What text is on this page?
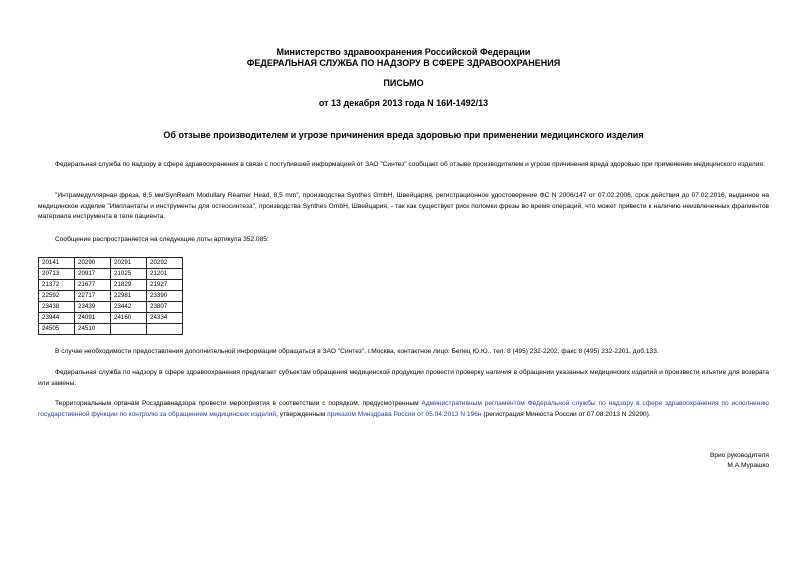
Министерство здравоохранения Российской Федерации
ФЕДЕРАЛЬНАЯ СЛУЖБА ПО НАДЗОРУ В СФЕРЕ ЗДРАВООХРАНЕНИЯ
ПИСЬМО
от 13 декабря 2013 года N 16И-1492/13
Об отзыве производителем и угрозе причинения вреда здоровью при применении медицинского изделия
Федеральная служба по надзору в сфере здравоохранения в связи с поступившей информацией от ЗАО "Синтез" сообщает об отзыве производителем и угрозе причинения вреда здоровью при применении медицинского изделия:
"Интрамедуллярная фреза, 8,5 мм/SynReam Modullary Reamer Head, 8,5 mm", производства Synthes GmbH, Швейцария, регистрационное удостоверение ФС N 2006/147 от 07.02.2006, срок действия до 07.02.2016, выданное на медицинское изделие "Имплантаты и инструменты для остеосинтеза", производства Synthes GmbH, Швейцария, - так как существует риск поломки фрезы во время операций, что может привести к наличию неизвлеченных фрагментов материала инструмента в теле пациента.
Сообщение распространяется на следующие лоты артикула 352.085:
20141	20290	20291	20292
20713	20917	21025	21201
21372	21677	21829	21927
22592	22717	22981	23390
23438	23439	23442	23807
23944	24091	24160	24334
24505	24510		
В случае необходимости предоставления дополнительной информации обращаться в ЗАО "Синтез", г.Москва, контактное лицо: Белец Ю.Ю., тел. 8 (495) 232-2202, факс 8 (495) 232-2201, доб.133.
Федеральная служба по надзору в сфере здравоохранения предлагает субъектам обращения медицинской продукции провести проверку наличия в обращении указанных медицинских изделий и произвести изъятие для возврата или замены.
Территориальным органам Росздравнадзора провести мероприятия в соответствии с порядком, предусмотренным Административным регламентом Федеральной службы по надзору в сфере здравоохранения по исполнению государственной функции по контролю за обращением медицинских изделий, утвержденным приказом Минздрава России от 05.04.2013 N 196н (регистрация Минюста России от 07.08.2013 N 29290).
Врио руководителя
М.А.Мурашко
